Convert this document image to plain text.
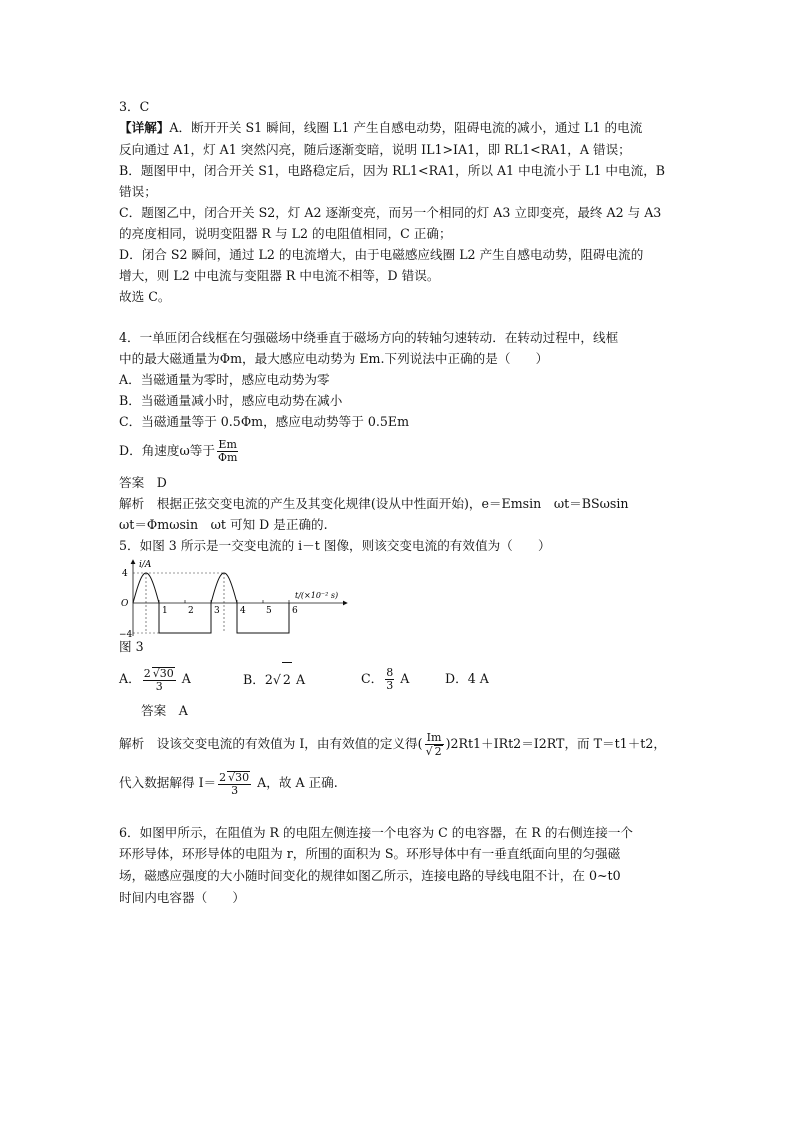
3．C
【详解】A．断开开关 S1 瞬间，线圈 L1 产生自感电动势，阻碍电流的减小，通过 L1 的电流
反向通过 A1，灯 A1 突然闪亮，随后逐渐变暗，说明 IL1>IA1，即 RL1<RA1，A 错误；
B．题图甲中，闭合开关 S1，电路稳定后，因为 RL1<RA1，所以 A1 中电流小于 L1 中电流，B
错误；
C．题图乙中，闭合开关 S2，灯 A2 逐渐变亮，而另一个相同的灯 A3 立即变亮，最终 A2 与 A3
的亮度相同，说明变阻器 R 与 L2 的电阻值相同，C 正确；
D．闭合 S2 瞬间，通过 L2 的电流增大，由于电磁感应线圈 L2 产生自感电动势，阻碍电流的
增大，则 L2 中电流与变阻器 R 中电流不相等，D 错误。
故选 C。
4．一单匝闭合线框在匀强磁场中绕垂直于磁场方向的转轴匀速转动．在转动过程中，线框
中的最大磁通量为Φm，最大感应电动势为 Em.下列说法中正确的是（　　）
A．当磁通量为零时，感应电动势为零
B．当磁通量减小时，感应电动势在减小
C．当磁通量等于 0.5Φm，感应电动势等于 0.5Em
D．角速度ω等于 $\frac{Em}{\Phi m}$
答案　D
解析　根据正弦交变电流的产生及其变化规律(设从中性面开始)，e＝Emsin　ωt＝BSωsin
ωt＝Φmωsin　ωt 可知 D 是正确的.
5．如图 3 所示是一交变电流的 i－t 图像，则该交变电流的有效值为（　　）
i/A
t/(×10⁻² s)
1 2 3 4 5 6
4
O
−4
图 3
A． $\frac{2 √30}{3}$ A	B．2√ 2 A	C． $\frac{8}{3}$ A	D．4 A
答案　A
解析　设该交变电流的有效值为 I，由有效值的定义得( $\frac{Im}{√ 2} )2Rt1+IRt2=I2RT$，而 T＝t1＋t2，
代入数据解得 $I= \frac{2 √30}{3}$ A，故 A 正确.
6．如图甲所示，在阻值为 R 的电阻左侧连接一个电容为 C 的电容器，在 R 的右侧连接一个
环形导体，环形导体的电阻为 r，所围的面积为 S。环形导体中有一垂直纸面向里的匀强磁
场，磁感应强度的大小随时间变化的规律如图乙所示，连接电路的导线电阻不计，在 0~t0
时间内电容器（　　）
